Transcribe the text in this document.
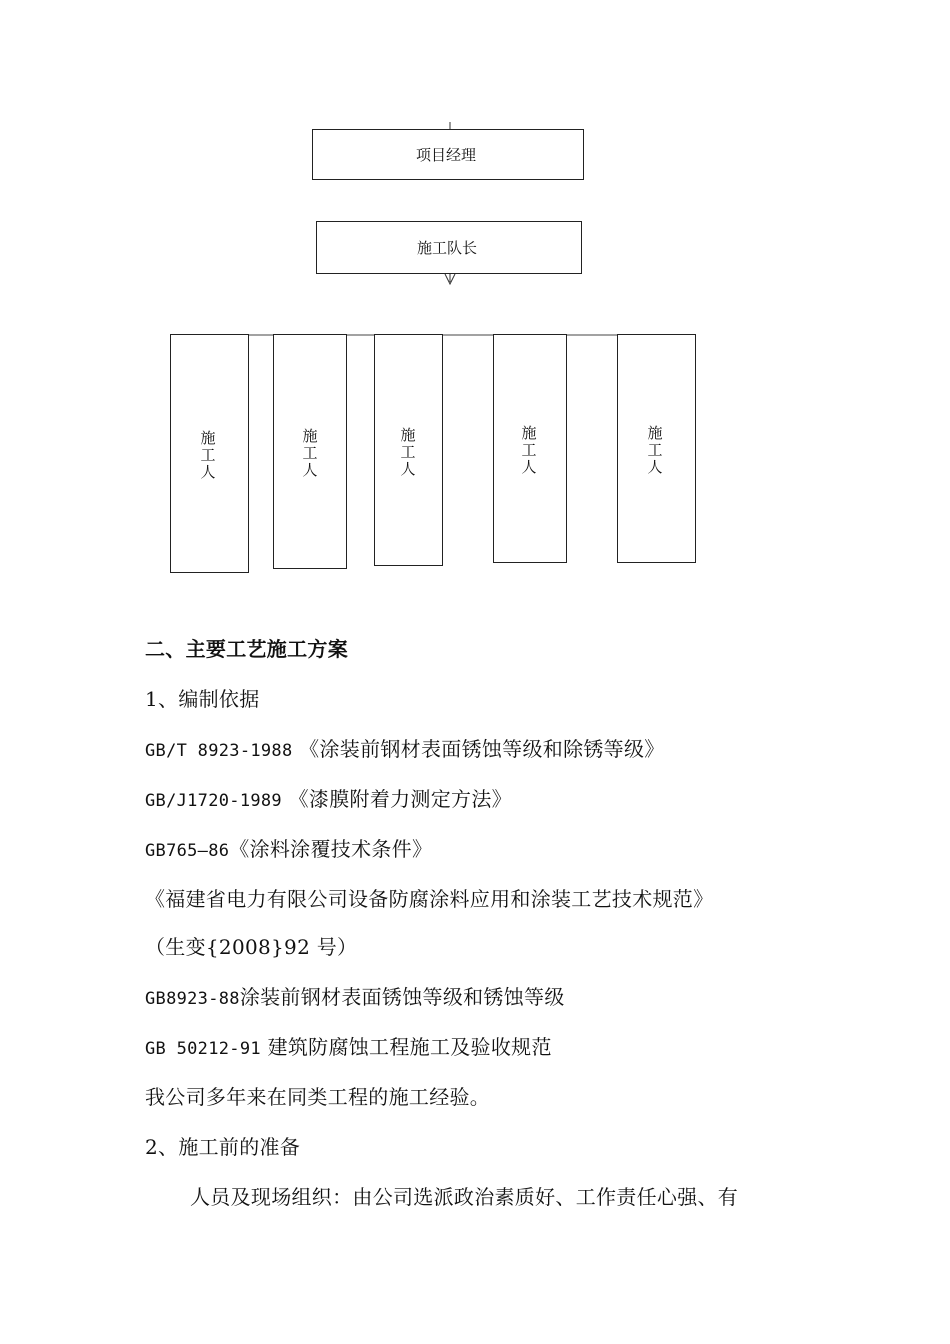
项目经理
施工队长
施工人
施工人
施工人
施工人
施工人
二、主要工艺施工方案
1、编制依据
GB/T 8923-1988 《涂装前钢材表面锈蚀等级和除锈等级》
GB/J1720-1989 《漆膜附着力测定方法》
GB765—86《涂料涂覆技术条件》
《福建省电力有限公司设备防腐涂料应用和涂装工艺技术规范》
（生变{2008}92 号）
GB8923-88涂装前钢材表面锈蚀等级和锈蚀等级
GB 50212-91 建筑防腐蚀工程施工及验收规范
我公司多年来在同类工程的施工经验。
2、施工前的准备
人员及现场组织：由公司选派政治素质好、工作责任心强、有
